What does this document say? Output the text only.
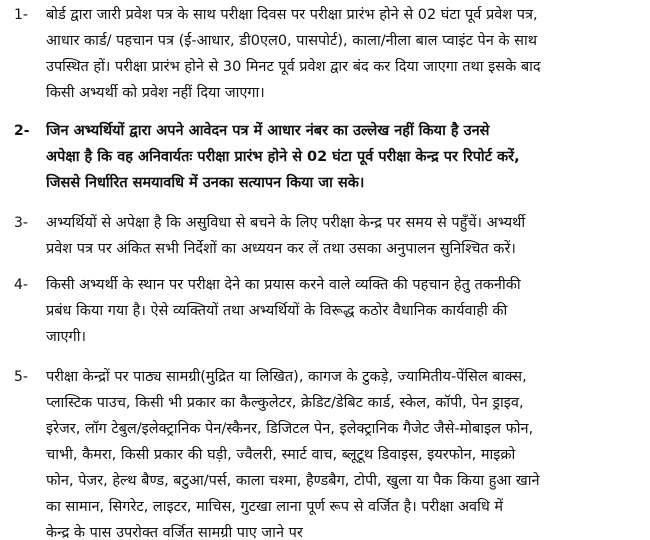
1-	बोर्ड द्वारा जारी प्रवेश पत्र के साथ परीक्षा दिवस पर परीक्षा प्रारंभ होने से 02 घंटा पूर्व प्रवेश पत्र,
आधार कार्ड/ पहचान पत्र (ई-आधार, डी0एल0, पासपोर्ट), काला/नीला बाल प्वाइंट पेन के साथ
उपस्थित हों। परीक्षा प्रारंभ होने से 30 मिनट पूर्व प्रवेश द्वार बंद कर दिया जाएगा तथा इसके बाद
किसी अभ्यर्थी को प्रवेश नहीं दिया जाएगा।
2-	जिन अभ्यर्थियों द्वारा अपने आवेदन पत्र में आधार नंबर का उल्लेख नहीं किया है उनसे
अपेक्षा है कि वह अनिवार्यतः परीक्षा प्रारंभ होने से 02 घंटा पूर्व परीक्षा केन्द्र पर रिपोर्ट करें,
जिससे निर्धारित समयावधि में उनका सत्यापन किया जा सके।
3-	अभ्यर्थियों से अपेक्षा है कि असुविधा से बचने के लिए परीक्षा केन्द्र पर समय से पहुँचें। अभ्यर्थी
प्रवेश पत्र पर अंकित सभी निर्देशों का अध्ययन कर लें तथा उसका अनुपालन सुनिश्चित करें।
4-	किसी अभ्यर्थी के स्थान पर परीक्षा देने का प्रयास करने वाले व्यक्ति की पहचान हेतु तकनीकी
प्रबंध किया गया है। ऐसे व्यक्तियों तथा अभ्यर्थियों के विरूद्ध कठोर वैधानिक कार्यवाही की
जाएगी।
5-	परीक्षा केन्द्रों पर पाठ्य सामग्री(मुद्रित या लिखित), कागज के टुकड़े, ज्यामितीय-पेंसिल बाक्स,
प्लास्टिक पाउच, किसी भी प्रकार का कैल्कुलेटर, क्रेडिट/डेबिट कार्ड, स्केल, कॉपी, पेन ड्राइव,
इरेजर, लॉग टेबुल/इलेक्ट्रानिक पेन/स्कैनर, डिजिटल पेन, इलेक्ट्रानिक गैजेट जैसे-मोबाइल फोन,
चाभी, कैमरा, किसी प्रकार की घड़ी, ज्वैलरी, स्मार्ट वाच, ब्लूटूथ डिवाइस, इयरफोन, माइक्रो
फोन, पेजर, हेल्थ बैण्ड, बटुआ/पर्स, काला चश्मा, हैण्डबैग, टोपी, खुला या पैक किया हुआ खाने
का सामान, सिगरेट, लाइटर, माचिस, गुटखा लाना पूर्ण रूप से वर्जित है। परीक्षा अवधि में
केन्द्र के पास उपरोक्त वर्जित सामग्री पाए जाने पर
